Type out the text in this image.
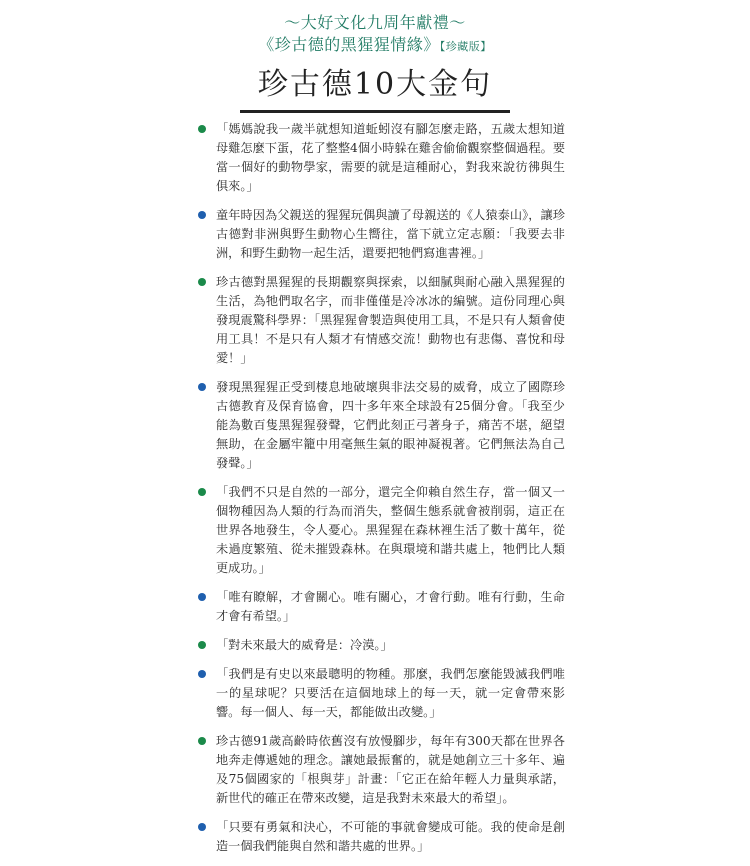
〜大好文化九周年獻禮〜
《珍古德的黑猩猩情緣》【珍藏版】
珍古德10大金句
「媽媽說我一歲半就想知道蚯蚓沒有腳怎麼走路，五歲太想知道母雞怎麼下蛋，花了整整4個小時躲在雞舍偷偷觀察整個過程。要當一個好的動物學家，需要的就是這種耐心，對我來說彷彿與生俱來。」
童年時因為父親送的猩猩玩偶與讀了母親送的《人猿泰山》，讓珍古德對非洲與野生動物心生嚮往，當下就立定志願：「我要去非洲，和野生動物一起生活，還要把牠們寫進書裡。」
珍古德對黑猩猩的長期觀察與探索，以細膩與耐心融入黑猩猩的生活，為牠們取名字，而非僅僅是冷冰冰的編號。這份同理心與發現震驚科學界：「黑猩猩會製造與使用工具，不是只有人類會使用工具！不是只有人類才有情感交流！動物也有悲傷、喜悅和母愛！」
發現黑猩猩正受到棲息地破壞與非法交易的威脅，成立了國際珍古德教育及保育協會，四十多年來全球設有25個分會。「我至少能為數百隻黑猩猩發聲，它們此刻正弓著身子，痛苦不堪，絕望無助，在金屬牢籠中用毫無生氣的眼神凝視著。它們無法為自己發聲。」
「我們不只是自然的一部分，還完全仰賴自然生存，當一個又一個物種因為人類的行為而消失，整個生態系就會被削弱，這正在世界各地發生，令人憂心。黑猩猩在森林裡生活了數十萬年，從未過度繁殖、從未摧毀森林。在與環境和諧共處上，牠們比人類更成功。」
「唯有瞭解，才會關心。唯有關心，才會行動。唯有行動，生命才會有希望。」
「對未來最大的威脅是：冷漠。」
「我們是有史以來最聰明的物種。那麼，我們怎麼能毀滅我們唯一的星球呢？只要活在這個地球上的每一天，就一定會帶來影響。每一個人、每一天，都能做出改變。」
珍古德91歲高齡時依舊沒有放慢腳步，每年有300天都在世界各地奔走傳遞她的理念。讓她最振奮的，就是她創立三十多年、遍及75個國家的「根與芽」計畫：「它正在給年輕人力量與承諾，新世代的確正在帶來改變，這是我對未來最大的希望」。
「只要有勇氣和決心，不可能的事就會變成可能。我的使命是創造一個我們能與自然和諧共處的世界。」
